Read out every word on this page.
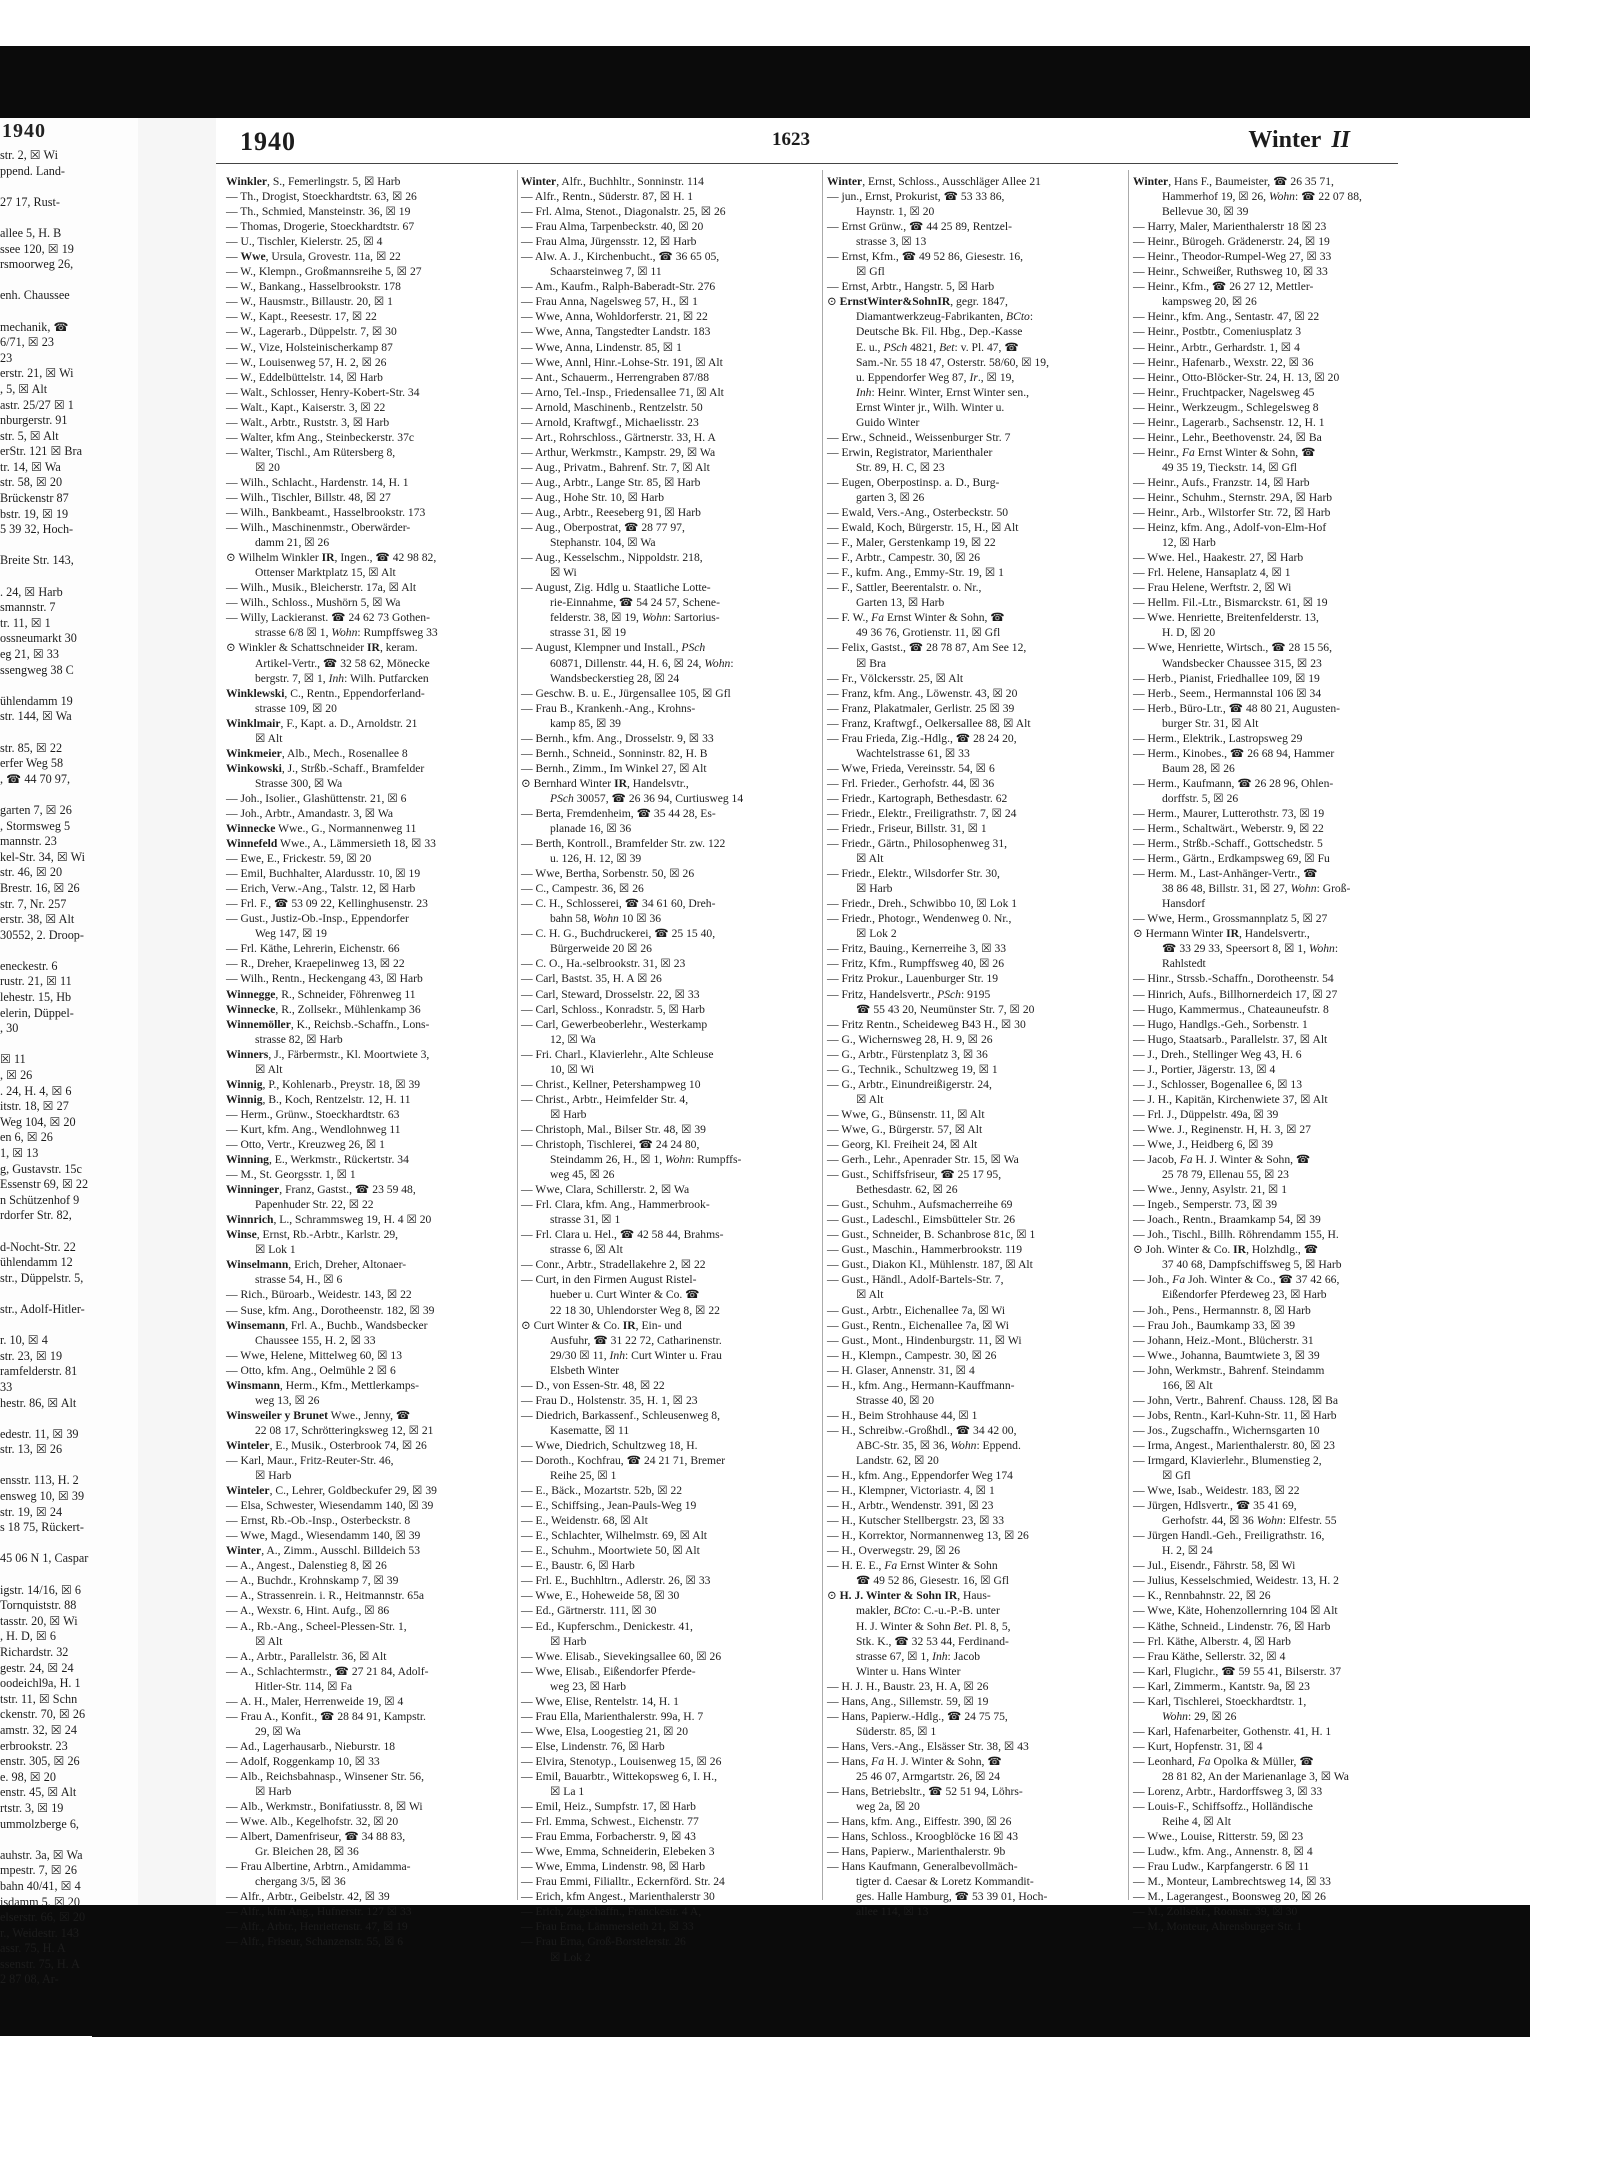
1940
str. 2, ☒ Wi
ppend. Land-

27 17, Rust-

allee 5, H. B
ssee 120, ☒ 19
rsmoorweg 26,

enh. Chaussee

mechanik, ☎
6/71, ☒ 23
23
erstr. 21, ☒ Wi
, 5, ☒ Alt
astr. 25/27 ☒ 1
nburgerstr. 91
str. 5, ☒ Alt
erStr. 121 ☒ Bra
tr. 14, ☒ Wa
str. 58, ☒ 20
Brückenstr 87
bstr. 19, ☒ 19
5 39 32, Hoch-

Breite Str. 143,

. 24, ☒ Harb
smannstr. 7
tr. 11, ☒ 1
ossneumarkt 30
eg 21, ☒ 33
ssengweg 38 C

ühlendamm 19
str. 144, ☒ Wa

str. 85, ☒ 22
erfer Weg 58
, ☎ 44 70 97,

garten 7, ☒ 26
, Stormsweg 5
mannstr. 23
kel-Str. 34, ☒ Wi
str. 46, ☒ 20
Brestr. 16, ☒ 26
str. 7, Nr. 257
erstr. 38, ☒ Alt
30552, 2. Droop-

eneckestr. 6
rustr. 21, ☒ 11
lehestr. 15, Hb
elerin, Düppel-
, 30

☒ 11
, ☒ 26
. 24, H. 4, ☒ 6
itstr. 18, ☒ 27
Weg 104, ☒ 20
en 6, ☒ 26
1, ☒ 13
g, Gustavstr. 15c
Essenstr 69, ☒ 22
n Schützenhof 9
rdorfer Str. 82,

d-Nocht-Str. 22
ühlendamm 12
str., Düppelstr. 5,

str., Adolf-Hitler-

r. 10, ☒ 4
str. 23, ☒ 19
ramfelderstr. 81
33
hestr. 86, ☒ Alt

edestr. 11, ☒ 39
str. 13, ☒ 26

ensstr. 113, H. 2
ensweg 10, ☒ 39
str. 19, ☒ 24
s 18 75, Rückert-

45 06 N 1, Caspar

igstr. 14/16, ☒ 6
Tornquiststr. 88
tasstr. 20, ☒ Wi
, H. D, ☒ 6
Richardstr. 32
gestr. 24, ☒ 24
oodeichl9a, H. 1
tstr. 11, ☒ Schn
ckenstr. 70, ☒ 26
amstr. 32, ☒ 24
erbrookstr. 23
enstr. 305, ☒ 26
e. 98, ☒ 20
enstr. 45, ☒ Alt
rtstr. 3, ☒ 19
ummolzberge 6,

auhstr. 3a, ☒ Wa
mpestr. 7, ☒ 26
bahn 40/41, ☒ 4
isdamm 5, ☒ 20
elserstr. 66, ☒ 20
r., Weidestr. 143
assr. 75, H. A
ssenstr. 75, H. A
2 87 08, Ar-
1940	1623	Winter II
Winkler, S., Femerlingstr. 5, ☒ Harb
— Th., Drogist, Stoeckhardtstr. 63, ☒ 26
— Th., Schmied, Mansteinstr. 36, ☒ 19
— Thomas, Drogerie, Stoeckhardtstr. 67
— U., Tischler, Kielerstr. 25, ☒ 4
— Wwe, Ursula, Grovestr. 11a, ☒ 22
— W., Klempn., Großmannsreihe 5, ☒ 27
— W., Bankang., Hasselbrookstr. 178
— W., Hausmstr., Billaustr. 20, ☒ 1
— W., Kapt., Reesestr. 17, ☒ 22
— W., Lagerarb., Düppelstr. 7, ☒ 30
— W., Vize, Holsteinischerkamp 87
— W., Louisenweg 57, H. 2, ☒ 26
— W., Eddelbüttelstr. 14, ☒ Harb
— Walt., Schlosser, Henry-Kobert-Str. 34
— Walt., Kapt., Kaiserstr. 3, ☒ 22
— Walt., Arbtr., Ruststr. 3, ☒ Harb
— Walter, kfm Ang., Steinbeckerstr. 37c
— Walter, Tischl., Am Rütersberg 8,
☒ 20
— Wilh., Schlacht., Hardenstr. 14, H. 1
— Wilh., Tischler, Billstr. 48, ☒ 27
— Wilh., Bankbeamt., Hasselbrookstr. 173
— Wilh., Maschinenmstr., Oberwärder-
damm 21, ☒ 26
⊙ Wilhelm Winkler IR, Ingen., ☎ 42 98 82,
Ottenser Marktplatz 15, ☒ Alt
— Wilh., Musik., Bleicherstr. 17a, ☒ Alt
— Wilh., Schloss., Mushörn 5, ☒ Wa
— Willy, Lackieranst. ☎ 24 62 73 Gothen-
strasse 6/8 ☒ 1, Wohn: Rumpffsweg 33
⊙ Winkler & Schattschneider IR, keram.
Artikel-Vertr., ☎ 32 58 62, Mönecke
bergstr. 7, ☒ 1, Inh: Wilh. Putfarcken
Winklewski, C., Rentn., Eppendorferland-
strasse 109, ☒ 20
Winklmair, F., Kapt. a. D., Arnoldstr. 21
☒ Alt
Winkmeier, Alb., Mech., Rosenallee 8
Winkowski, J., Strßb.-Schaff., Bramfelder
Strasse 300, ☒ Wa
— Joh., Isolier., Glashüttenstr. 21, ☒ 6
— Joh., Arbtr., Amandastr. 3, ☒ Wa
Winnecke Wwe., G., Normannenweg 11
Winnefeld Wwe., A., Lämmersieth 18, ☒ 33
— Ewe, E., Frickestr. 59, ☒ 20
— Emil, Buchhalter, Alardusstr. 10, ☒ 19
— Erich, Verw.-Ang., Talstr. 12, ☒ Harb
— Frl. F., ☎ 53 09 22, Kellinghusenstr. 23
— Gust., Justiz-Ob.-Insp., Eppendorfer
Weg 147, ☒ 19
— Frl. Käthe, Lehrerin, Eichenstr. 66
— R., Dreher, Kraepelinweg 13, ☒ 22
— Wilh., Rentn., Heckengang 43, ☒ Harb
Winnegge, R., Schneider, Föhrenweg 11
Winnecke, R., Zollsekr., Mühlenkamp 36
Winnemöller, K., Reichsb.-Schaffn., Lons-
strasse 82, ☒ Harb
Winners, J., Färbermstr., Kl. Moortwiete 3,
☒ Alt
Winnig, P., Kohlenarb., Preystr. 18, ☒ 39
Winnig, B., Koch, Rentzelstr. 12, H. 11
— Herm., Grünw., Stoeckhardtstr. 63
— Kurt, kfm. Ang., Wendlohnweg 11
— Otto, Vertr., Kreuzweg 26, ☒ 1
Winning, E., Werkmstr., Rückertstr. 34
— M., St. Georgsstr. 1, ☒ 1
Winninger, Franz, Gastst., ☎ 23 59 48,
Papenhuder Str. 22, ☒ 22
Winnrich, L., Schrammsweg 19, H. 4 ☒ 20
Winse, Ernst, Rb.-Arbtr., Karlstr. 29,
☒ Lok 1
Winselmann, Erich, Dreher, Altonaer-
strasse 54, H., ☒ 6
— Rich., Büroarb., Weidestr. 143, ☒ 22
— Suse, kfm. Ang., Dorotheenstr. 182, ☒ 39
Winsemann, Frl. A., Buchb., Wandsbecker
Chaussee 155, H. 2, ☒ 33
— Wwe, Helene, Mittelweg 60, ☒ 13
— Otto, kfm. Ang., Oelmühle 2 ☒ 6
Winsmann, Herm., Kfm., Mettlerkamps-
weg 13, ☒ 26
Winsweiler y Brunet Wwe., Jenny, ☎
22 08 17, Schrötteringksweg 12, ☒ 21
Winteler, E., Musik., Osterbrook 74, ☒ 26
— Karl, Maur., Fritz-Reuter-Str. 46,
☒ Harb
Winteler, C., Lehrer, Goldbeckufer 29, ☒ 39
— Elsa, Schwester, Wiesendamm 140, ☒ 39
— Ernst, Rb.-Ob.-Insp., Osterbeckstr. 8
— Wwe, Magd., Wiesendamm 140, ☒ 39
Winter, A., Zimm., Ausschl. Billdeich 53
— A., Angest., Dalenstieg 8, ☒ 26
— A., Buchdr., Krohnskamp 7, ☒ 39
— A., Strassenrein. i. R., Heitmannstr. 65a
— A., Wexstr. 6, Hint. Aufg., ☒ 86
— A., Rb.-Ang., Scheel-Plessen-Str. 1,
☒ Alt
— A., Arbtr., Parallelstr. 36, ☒ Alt
— A., Schlachtermstr., ☎ 27 21 84, Adolf-
Hitler-Str. 114, ☒ Fa
— A. H., Maler, Herrenweide 19, ☒ 4
— Frau A., Konfit., ☎ 28 84 91, Kampstr.
29, ☒ Wa
— Ad., Lagerhausarb., Nieburstr. 18
— Adolf, Roggenkamp 10, ☒ 33
— Alb., Reichsbahnasp., Winsener Str. 56,
☒ Harb
— Alb., Werkmstr., Bonifatiusstr. 8, ☒ Wi
— Wwe. Alb., Kegelhofstr. 32, ☒ 20
— Albert, Damenfriseur, ☎ 34 88 83,
Gr. Bleichen 28, ☒ 36
— Frau Albertine, Arbtrn., Amidamma-
chergang 3/5, ☒ 36
— Alfr., Arbtr., Geibelstr. 42, ☒ 39
— Alfr., kfm Ang., Hufnerstr. 127 ☒ 33
— Alfr., Arbtr., Henriettenstr. 47, ☒ 19
— Alfr., Friseur, Schanzenstr. 55, ☒ 6
Winter, Alfr., Buchhltr., Sonninstr. 114
— Alfr., Rentn., Süderstr. 87, ☒ H. 1
— Frl. Alma, Stenot., Diagonalstr. 25, ☒ 26
— Frau Alma, Tarpenbeckstr. 40, ☒ 20
— Frau Alma, Jürgensstr. 12, ☒ Harb
— Alw. A. J., Kirchenbucht., ☎ 36 65 05,
Schaarsteinweg 7, ☒ 11
— Am., Kaufm., Ralph-Baberadt-Str. 276
— Frau Anna, Nagelsweg 57, H., ☒ 1
— Wwe, Anna, Wohldorferstr. 21, ☒ 22
— Wwe, Anna, Tangstedter Landstr. 183
— Wwe, Anna, Lindenstr. 85, ☒ 1
— Wwe, Annl, Hinr.-Lohse-Str. 191, ☒ Alt
— Ant., Schauerm., Herrengraben 87/88
— Arno, Tel.-Insp., Friedensallee 71, ☒ Alt
— Arnold, Maschinenb., Rentzelstr. 50
— Arnold, Kraftwgf., Michaelisstr. 23
— Art., Rohrschloss., Gärtnerstr. 33, H. A
— Arthur, Werkmstr., Kampstr. 29, ☒ Wa
— Aug., Privatm., Bahrenf. Str. 7, ☒ Alt
— Aug., Arbtr., Lange Str. 85, ☒ Harb
— Aug., Hohe Str. 10, ☒ Harb
— Aug., Arbtr., Reeseberg 91, ☒ Harb
— Aug., Oberpostrat, ☎ 28 77 97,
Stephanstr. 104, ☒ Wa
— Aug., Kesselschm., Nippoldstr. 218,
☒ Wi
— August, Zig. Hdlg u. Staatliche Lotte-
rie-Einnahme, ☎ 54 24 57, Schene-
felderstr. 38, ☒ 19, Wohn: Sartorius-
strasse 31, ☒ 19
— August, Klempner und Install., PSch
60871, Dillenstr. 44, H. 6, ☒ 24, Wohn:
Wandsbeckerstieg 28, ☒ 24
— Geschw. B. u. E., Jürgensallee 105, ☒ Gfl
— Frau B., Krankenh.-Ang., Krohns-
kamp 85, ☒ 39
— Bernh., kfm. Ang., Drosselstr. 9, ☒ 33
— Bernh., Schneid., Sonninstr. 82, H. B
— Bernh., Zimm., Im Winkel 27, ☒ Alt
⊙ Bernhard Winter IR, Handelsvtr.,
PSch 30057, ☎ 26 36 94, Curtiusweg 14
— Berta, Fremdenheim, ☎ 35 44 28, Es-
planade 16, ☒ 36
— Berth, Kontroll., Bramfelder Str. zw. 122
u. 126, H. 12, ☒ 39
— Wwe, Bertha, Sorbenstr. 50, ☒ 26
— C., Campestr. 36, ☒ 26
— C. H., Schlosserei, ☎ 34 61 60, Dreh-
bahn 58, Wohn 10 ☒ 36
— C. H. G., Buchdruckerei, ☎ 25 15 40,
Bürgerweide 20 ☒ 26
— C. O., Ha.-selbrookstr. 31, ☒ 23
— Carl, Bastst. 35, H. A ☒ 26
— Carl, Steward, Drosselstr. 22, ☒ 33
— Carl, Schloss., Konradstr. 5, ☒ Harb
— Carl, Gewerbeoberlehr., Westerkamp
12, ☒ Wa
— Fri. Charl., Klavierlehr., Alte Schleuse
10, ☒ Wi
— Christ., Kellner, Petershampweg 10
— Christ., Arbtr., Heimfelder Str. 4,
☒ Harb
— Christoph, Mal., Bilser Str. 48, ☒ 39
— Christoph, Tischlerei, ☎ 24 24 80,
Steindamm 26, H., ☒ 1, Wohn: Rumpffs-
weg 45, ☒ 26
— Wwe, Clara, Schillerstr. 2, ☒ Wa
— Frl. Clara, kfm. Ang., Hammerbrook-
strasse 31, ☒ 1
— Frl. Clara u. Hel., ☎ 42 58 44, Brahms-
strasse 6, ☒ Alt
— Conr., Arbtr., Stradellakehre 2, ☒ 22
— Curt, in den Firmen August Ristel-
hueber u. Curt Winter & Co. ☎
22 18 30, Uhlendorster Weg 8, ☒ 22
⊙ Curt Winter & Co. IR, Ein- und
Ausfuhr, ☎ 31 22 72, Catharinenstr.
29/30 ☒ 11, Inh: Curt Winter u. Frau
Elsbeth Winter
— D., von Essen-Str. 48, ☒ 22
— Frau D., Holstenstr. 35, H. 1, ☒ 23
— Diedrich, Barkassenf., Schleusenweg 8,
Kasematte, ☒ 11
— Wwe, Diedrich, Schultzweg 18, H.
— Doroth., Kochfrau, ☎ 24 21 71, Bremer
Reihe 25, ☒ 1
— E., Bäck., Mozartstr. 52b, ☒ 22
— E., Schiffsing., Jean-Pauls-Weg 19
— E., Weidenstr. 68, ☒ Alt
— E., Schlachter, Wilhelmstr. 69, ☒ Alt
— E., Schuhm., Moortwiete 50, ☒ Alt
— E., Baustr. 6, ☒ Harb
— Frl. E., Buchhltrn., Adlerstr. 26, ☒ 33
— Wwe, E., Hoheweide 58, ☒ 30
— Ed., Gärtnerstr. 111, ☒ 30
— Ed., Kupferschm., Denickestr. 41,
☒ Harb
— Wwe. Elisab., Sievekingsallee 60, ☒ 26
— Wwe, Elisab., Eißendorfer Pferde-
weg 23, ☒ Harb
— Wwe, Elise, Rentelstr. 14, H. 1
— Frau Ella, Marienthalerstr. 99a, H. 7
— Wwe, Elsa, Loogestieg 21, ☒ 20
— Else, Lindenstr. 76, ☒ Harb
— Elvira, Stenotyp., Louisenweg 15, ☒ 26
— Emil, Bauarbtr., Wittekopsweg 6, I. H.,
☒ La 1
— Emil, Heiz., Sumpfstr. 17, ☒ Harb
— Frl. Emma, Schwest., Eichenstr. 77
— Frau Emma, Forbacherstr. 9, ☒ 43
— Wwe, Emma, Schneiderin, Elebeken 3
— Wwe, Emma, Lindenstr. 98, ☒ Harb
— Frau Emmi, Filialltr., Eckernförd. Str. 24
— Erich, kfm Angest., Marienthalerstr 30
— Erich, Zugschaffn., Franckestr. 4 A,
— Frau Erna, Lämmersieth 21, ☒ 33
— Frau Erna, Groß-Borstelerstr. 26
☒ Lok 2
Winter, Ernst, Schloss., Ausschläger Allee 21
— jun., Ernst, Prokurist, ☎ 53 33 86,
Haynstr. 1, ☒ 20
— Ernst Grünw., ☎ 44 25 89, Rentzel-
strasse 3, ☒ 13
— Ernst, Kfm., ☎ 49 52 86, Giesestr. 16,
☒ Gfl
— Ernst, Arbtr., Hangstr. 5, ☒ Harb
⊙ ErnstWinter&SohnIR, gegr. 1847,
Diamantwerkzeug-Fabrikanten, BCto:
Deutsche Bk. Fil. Hbg., Dep.-Kasse
E. u., PSch 4821, Bet: v. Pl. 47, ☎
Sam.-Nr. 55 18 47, Osterstr. 58/60, ☒ 19,
u. Eppendorfer Weg 87, Ir., ☒ 19,
Inh: Heinr. Winter, Ernst Winter sen.,
Ernst Winter jr., Wilh. Winter u.
Guido Winter
— Erw., Schneid., Weissenburger Str. 7
— Erwin, Registrator, Marienthaler
Str. 89, H. C, ☒ 23
— Eugen, Oberpostinsp. a. D., Burg-
garten 3, ☒ 26
— Ewald, Vers.-Ang., Osterbeckstr. 50
— Ewald, Koch, Bürgerstr. 15, H., ☒ Alt
— F., Maler, Gerstenkamp 19, ☒ 22
— F., Arbtr., Campestr. 30, ☒ 26
— F., kufm. Ang., Emmy-Str. 19, ☒ 1
— F., Sattler, Beerentalstr. o. Nr.,
Garten 13, ☒ Harb
— F. W., Fa Ernst Winter & Sohn, ☎
49 36 76, Grotienstr. 11, ☒ Gfl
— Felix, Gastst., ☎ 28 78 87, Am See 12,
☒ Bra
— Fr., Völckersstr. 25, ☒ Alt
— Franz, kfm. Ang., Löwenstr. 43, ☒ 20
— Franz, Plakatmaler, Gerlistr. 25 ☒ 39
— Franz, Kraftwgf., Oelkersallee 88, ☒ Alt
— Frau Frieda, Zig.-Hdlg., ☎ 28 24 20,
Wachtelstrasse 61, ☒ 33
— Wwe, Frieda, Vereinsstr. 54, ☒ 6
— Frl. Frieder., Gerhofstr. 44, ☒ 36
— Friedr., Kartograph, Bethesdastr. 62
— Friedr., Elektr., Freiligrathstr. 7, ☒ 24
— Friedr., Friseur, Billstr. 31, ☒ 1
— Friedr., Gärtn., Philosophenweg 31,
☒ Alt
— Friedr., Elektr., Wilsdorfer Str. 30,
☒ Harb
— Friedr., Dreh., Schwibbo 10, ☒ Lok 1
— Friedr., Photogr., Wendenweg 0. Nr.,
☒ Lok 2
— Fritz, Bauing., Kernerreihe 3, ☒ 33
— Fritz, Kfm., Rumpffsweg 40, ☒ 26
— Fritz Prokur., Lauenburger Str. 19
— Fritz, Handelsvertr., PSch: 9195
☎ 55 43 20, Neumünster Str. 7, ☒ 20
— Fritz Rentn., Scheideweg B43 H., ☒ 30
— G., Wichernsweg 28, H. 9, ☒ 26
— G., Arbtr., Fürstenplatz 3, ☒ 36
— G., Technik., Schultzweg 19, ☒ 1
— G., Arbtr., Einundreißigerstr. 24,
☒ Alt
— Wwe, G., Bünsenstr. 11, ☒ Alt
— Wwe, G., Bürgerstr. 57, ☒ Alt
— Georg, Kl. Freiheit 24, ☒ Alt
— Gerh., Lehr., Apenrader Str. 15, ☒ Wa
— Gust., Schiffsfriseur, ☎ 25 17 95,
Bethesdastr. 62, ☒ 26
— Gust., Schuhm., Aufsmacherreihe 69
— Gust., Ladeschl., Eimsbütteler Str. 26
— Gust., Schneider, B. Schanbrose 81c, ☒ 1
— Gust., Maschin., Hammerbrookstr. 119
— Gust., Diakon Kl., Mühlenstr. 187, ☒ Alt
— Gust., Händl., Adolf-Bartels-Str. 7,
☒ Alt
— Gust., Arbtr., Eichenallee 7a, ☒ Wi
— Gust., Rentn., Eichenallee 7a, ☒ Wi
— Gust., Mont., Hindenburgstr. 11, ☒ Wi
— H., Klempn., Campestr. 30, ☒ 26
— H. Glaser, Annenstr. 31, ☒ 4
— H., kfm. Ang., Hermann-Kauffmann-
Strasse 40, ☒ 20
— H., Beim Strohhause 44, ☒ 1
— H., Schreibw.-Großhdl., ☎ 34 42 00,
ABC-Str. 35, ☒ 36, Wohn: Eppend.
Landstr. 62, ☒ 20
— H., kfm. Ang., Eppendorfer Weg 174
— H., Klempner, Victoriastr. 4, ☒ 1
— H., Arbtr., Wendenstr. 391, ☒ 23
— H., Kutscher Stellbergstr. 23, ☒ 33
— H., Korrektor, Normannenweg 13, ☒ 26
— H., Overwegstr. 29, ☒ 26
— H. E. E., Fa Ernst Winter & Sohn
☎ 49 52 86, Giesestr. 16, ☒ Gfl
⊙ H. J. Winter & Sohn IR, Haus-
makler, BCto: C.-u.-P.-B. unter
H. J. Winter & Sohn Bet. Pl. 8, 5,
Stk. K., ☎ 32 53 44, Ferdinand-
strasse 67, ☒ 1, Inh: Jacob
Winter u. Hans Winter
— H. J. H., Baustr. 23, H. A, ☒ 26
— Hans, Ang., Sillemstr. 59, ☒ 19
— Hans, Papierw.-Hdlg., ☎ 24 75 75,
Süderstr. 85, ☒ 1
— Hans, Vers.-Ang., Elsässer Str. 38, ☒ 43
— Hans, Fa H. J. Winter & Sohn, ☎
25 46 07, Armgartstr. 26, ☒ 24
— Hans, Betriebsltr., ☎ 52 51 94, Löhrs-
weg 2a, ☒ 20
— Hans, kfm. Ang., Eiffestr. 390, ☒ 26
— Hans, Schloss., Kroogblöcke 16 ☒ 43
— Hans, Papierw., Marienthalerstr. 9b
— Hans Kaufmann, Generalbevollmäch-
tigter d. Caesar & Loretz Kommandit-
ges. Halle Hamburg, ☎ 53 39 01, Hoch-
allee 114, ☒ 13
Winter, Hans F., Baumeister, ☎ 26 35 71,
Hammerhof 19, ☒ 26, Wohn: ☎ 22 07 88,
Bellevue 30, ☒ 39
— Harry, Maler, Marienthalerstr 18 ☒ 23
— Heinr., Bürogeh. Grädenerstr. 24, ☒ 19
— Heinr., Theodor-Rumpel-Weg 27, ☒ 33
— Heinr., Schweißer, Ruthsweg 10, ☒ 33
— Heinr., Kfm., ☎ 26 27 12, Mettler-
kampsweg 20, ☒ 26
— Heinr., kfm. Ang., Sentastr. 47, ☒ 22
— Heinr., Postbtr., Comeniusplatz 3
— Heinr., Arbtr., Gerhardstr. 1, ☒ 4
— Heinr., Hafenarb., Wexstr. 22, ☒ 36
— Heinr., Otto-Blöcker-Str. 24, H. 13, ☒ 20
— Heinr., Fruchtpacker, Nagelsweg 45
— Heinr., Werkzeugm., Schlegelsweg 8
— Heinr., Lagerarb., Sachsenstr. 12, H. 1
— Heinr., Lehr., Beethovenstr. 24, ☒ Ba
— Heinr., Fa Ernst Winter & Sohn, ☎
49 35 19, Tieckstr. 14, ☒ Gfl
— Heinr., Aufs., Franzstr. 14, ☒ Harb
— Heinr., Schuhm., Sternstr. 29A, ☒ Harb
— Heinr., Arb., Wilstorfer Str. 72, ☒ Harb
— Heinz, kfm. Ang., Adolf-von-Elm-Hof
12, ☒ Harb
— Wwe. Hel., Haakestr. 27, ☒ Harb
— Frl. Helene, Hansaplatz 4, ☒ 1
— Frau Helene, Werftstr. 2, ☒ Wi
— Hellm. Fil.-Ltr., Bismarckstr. 61, ☒ 19
— Wwe. Henriette, Breitenfelderstr. 13,
H. D, ☒ 20
— Wwe, Henriette, Wirtsch., ☎ 28 15 56,
Wandsbecker Chaussee 315, ☒ 23
— Herb., Pianist, Friedhallee 109, ☒ 19
— Herb., Seem., Hermannstal 106 ☒ 34
— Herb., Büro-Ltr., ☎ 48 80 21, Augusten-
burger Str. 31, ☒ Alt
— Herm., Elektrik., Lastropsweg 29
— Herm., Kinobes., ☎ 26 68 94, Hammer
Baum 28, ☒ 26
— Herm., Kaufmann, ☎ 26 28 96, Ohlen-
dorffstr. 5, ☒ 26
— Herm., Maurer, Lutterothstr. 73, ☒ 19
— Herm., Schaltwärt., Weberstr. 9, ☒ 22
— Herm., Strßb.-Schaff., Gottschedstr. 5
— Herm., Gärtn., Erdkampsweg 69, ☒ Fu
— Herm. M., Last-Anhänger-Vertr., ☎
38 86 48, Billstr. 31, ☒ 27, Wohn: Groß-
Hansdorf
— Wwe, Herm., Grossmannplatz 5, ☒ 27
⊙ Hermann Winter IR, Handelsvertr.,
☎ 33 29 33, Speersort 8, ☒ 1, Wohn:
Rahlstedt
— Hinr., Strssb.-Schaffn., Dorotheenstr. 54
— Hinrich, Aufs., Billhornerdeich 17, ☒ 27
— Hugo, Kammermus., Chateauneufstr. 8
— Hugo, Handlgs.-Geh., Sorbenstr. 1
— Hugo, Staatsarb., Parallelstr. 37, ☒ Alt
— J., Dreh., Stellinger Weg 43, H. 6
— J., Portier, Jägerstr. 13, ☒ 4
— J., Schlosser, Bogenallee 6, ☒ 13
— J. H., Kapitän, Kirchenwiete 37, ☒ Alt
— Frl. J., Düppelstr. 49a, ☒ 39
— Wwe. J., Reginenstr. H, H. 3, ☒ 27
— Wwe, J., Heidberg 6, ☒ 39
— Jacob, Fa H. J. Winter & Sohn, ☎
25 78 79, Ellenau 55, ☒ 23
— Wwe., Jenny, Asylstr. 21, ☒ 1
— Ingeb., Semperstr. 73, ☒ 39
— Joach., Rentn., Braamkamp 54, ☒ 39
— Joh., Tischl., Billh. Röhrendamm 155, H.
⊙ Joh. Winter & Co. IR, Holzhdlg., ☎
37 40 68, Dampfschiffsweg 5, ☒ Harb
— Joh., Fa Joh. Winter & Co., ☎ 37 42 66,
Eißendorfer Pferdeweg 23, ☒ Harb
— Joh., Pens., Hermannstr. 8, ☒ Harb
— Frau Joh., Baumkamp 33, ☒ 39
— Johann, Heiz.-Mont., Blücherstr. 31
— Wwe., Johanna, Baumtwiete 3, ☒ 39
— John, Werkmstr., Bahrenf. Steindamm
166, ☒ Alt
— John, Vertr., Bahrenf. Chauss. 128, ☒ Ba
— Jobs, Rentn., Karl-Kuhn-Str. 11, ☒ Harb
— Jos., Zugschaffn., Wichernsgarten 10
— Irma, Angest., Marienthalerstr. 80, ☒ 23
— Irmgard, Klavierlehr., Blumenstieg 2,
☒ Gfl
— Wwe, Isab., Weidestr. 183, ☒ 22
— Jürgen, Hdlsvertr., ☎ 35 41 69,
Gerhofstr. 44, ☒ 36 Wohn: Elfestr. 55
— Jürgen Handl.-Geh., Freiligrathstr. 16,
H. 2, ☒ 24
— Jul., Eisendr., Fährstr. 58, ☒ Wi
— Julius, Kesselschmied, Weidestr. 13, H. 2
— K., Rennbahnstr. 22, ☒ 26
— Wwe, Käte, Hohenzollernring 104 ☒ Alt
— Käthe, Schneid., Lindenstr. 76, ☒ Harb
— Frl. Käthe, Alberstr. 4, ☒ Harb
— Frau Käthe, Sellerstr. 32, ☒ 4
— Karl, Flugichr., ☎ 59 55 41, Bilserstr. 37
— Karl, Zimmerm., Kantstr. 9a, ☒ 23
— Karl, Tischlerei, Stoeckhardtstr. 1,
Wohn: 29, ☒ 26
— Karl, Hafenarbeiter, Gothenstr. 41, H. 1
— Kurt, Hopfenstr. 31, ☒ 4
— Leonhard, Fa Opolka & Müller, ☎
28 81 82, An der Marienanlage 3, ☒ Wa
— Lorenz, Arbtr., Hardorffsweg 3, ☒ 33
— Louis-F., Schiffsoffz., Holländische
Reihe 4, ☒ Alt
— Wwe., Louise, Ritterstr. 59, ☒ 23
— Ludw., kfm. Ang., Annenstr. 8, ☒ 4
— Frau Ludw., Karpfangerstr. 6 ☒ 11
— M., Monteur, Lambrechtsweg 14, ☒ 33
— M., Lagerangest., Boonsweg 20, ☒ 26
— M., Zollsekr., Roonstr. 39, ☒ 30
— M., Monteur, Ahrensburger Str. 1
